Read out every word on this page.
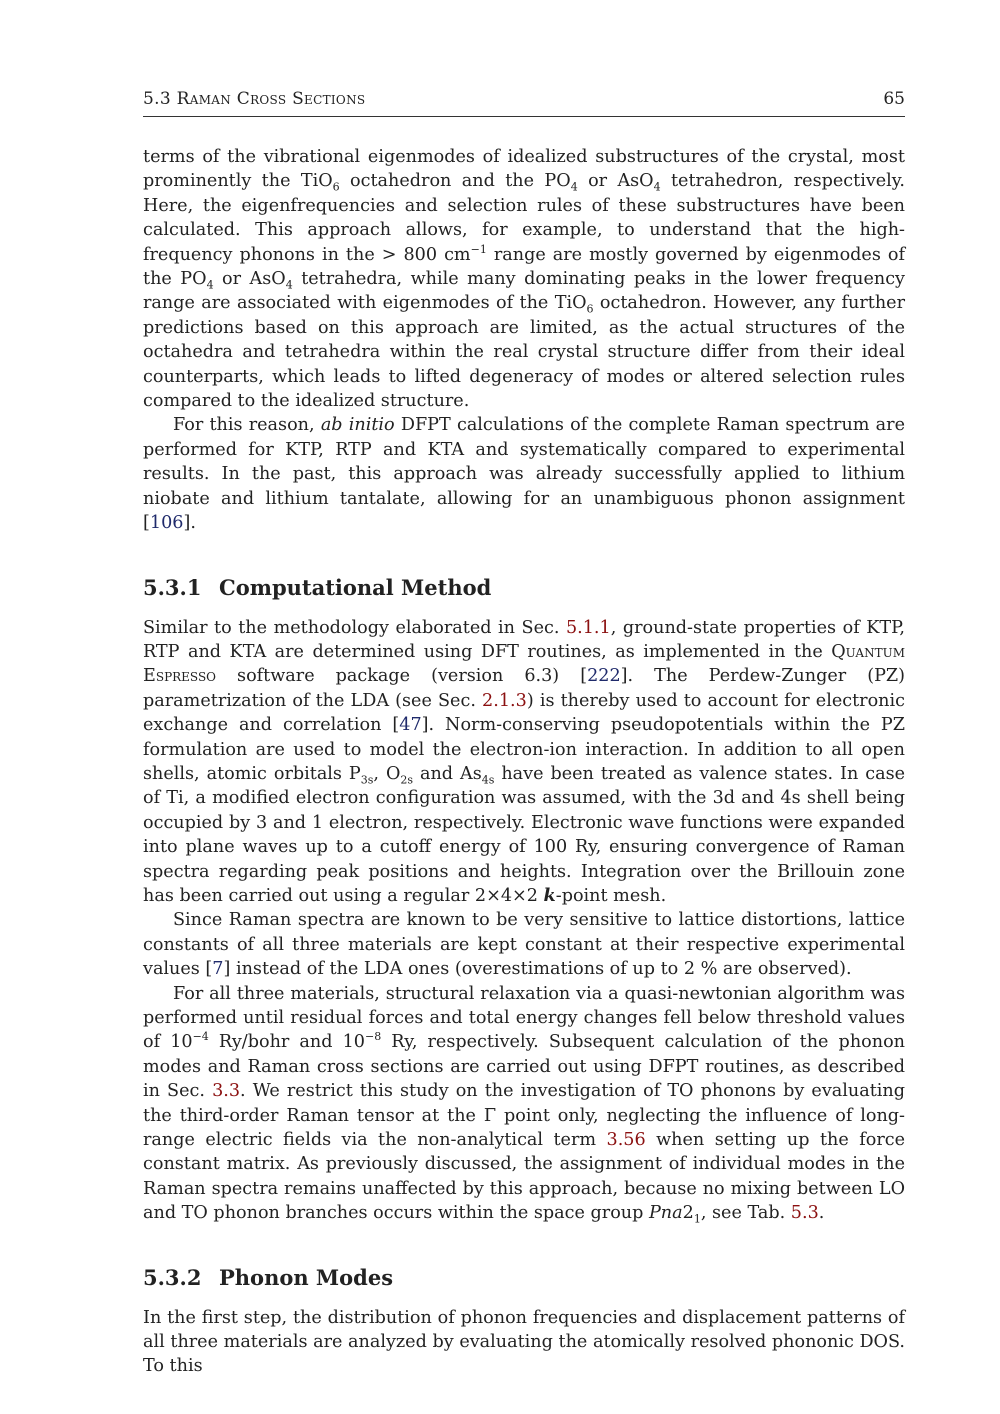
5.3 Raman Cross Sections	65

terms of the vibrational eigenmodes of idealized substructures of the crystal, most prominently the TiO$_6$ octahedron and the $PO_4$ or AsO$_4$ tetrahedron, respectively. Here, the eigenfrequencies and selection rules of these substructures have been calculated. This approach allows, for example, to understand that the high-frequency phonons in the > 800 $cm^{-1}$ range are mostly governed by eigenmodes of the $PO_4$ or AsO$_4$ tetrahedra, while many dominating peaks in the lower frequency range are associated with eigenmodes of the TiO$_6$ octahedron. However, any further predictions based on this approach are limited, as the actual structures of the octahedra and tetrahedra within the real crystal structure differ from their ideal counterparts, which leads to lifted degeneracy of modes or altered selection rules compared to the idealized structure.

For this reason, ab initio DFPT calculations of the complete Raman spectrum are performed for KTP, RTP and KTA and systematically compared to experimental results. In the past, this approach was already successfully applied to lithium niobate and lithium tantalate, allowing for an unambiguous phonon assignment [106].

5.3.1 Computational Method

Similar to the methodology elaborated in Sec. 5.1.1, ground-state properties of KTP, RTP and KTA are determined using DFT routines, as implemented in the Quantum Espresso software package (version 6.3) [222]. The Perdew-Zunger (PZ) parametrization of the LDA (see Sec. 2.1.3) is thereby used to account for electronic exchange and correlation [47]. Norm-conserving pseudopotentials within the PZ formulation are used to model the electron-ion interaction. In addition to all open shells, atomic orbitals $P_{3s}$, $O_{2s}$ and $As_{4s}$ have been treated as valence states. In case of Ti, a modified electron configuration was assumed, with the 3d and 4s shell being occupied by 3 and 1 electron, respectively. Electronic wave functions were expanded into plane waves up to a cutoff energy of 100 Ry, ensuring convergence of Raman spectra regarding peak positions and heights. Integration over the Brillouin zone has been carried out using a regular 2×4×2 k-point mesh.

Since Raman spectra are known to be very sensitive to lattice distortions, lattice constants of all three materials are kept constant at their respective experimental values [7] instead of the LDA ones (overestimations of up to 2 % are observed).

For all three materials, structural relaxation via a quasi-newtonian algorithm was performed until residual forces and total energy changes fell below threshold values of $10^{-4}$ Ry/bohr and $10^{-8}$ Ry, respectively. Subsequent calculation of the phonon modes and Raman cross sections are carried out using DFPT routines, as described in Sec. 3.3. We restrict this study on the investigation of TO phonons by evaluating the third-order Raman tensor at the Γ point only, neglecting the influence of long-range electric fields via the non-analytical term 3.56 when setting up the force constant matrix. As previously discussed, the assignment of individual modes in the Raman spectra remains unaffected by this approach, because no mixing between LO and TO phonon branches occurs within the space group $Pna2_1$, see Tab. 5.3.

5.3.2 Phonon Modes

In the first step, the distribution of phonon frequencies and displacement patterns of all three materials are analyzed by evaluating the atomically resolved phononic DOS. To this
